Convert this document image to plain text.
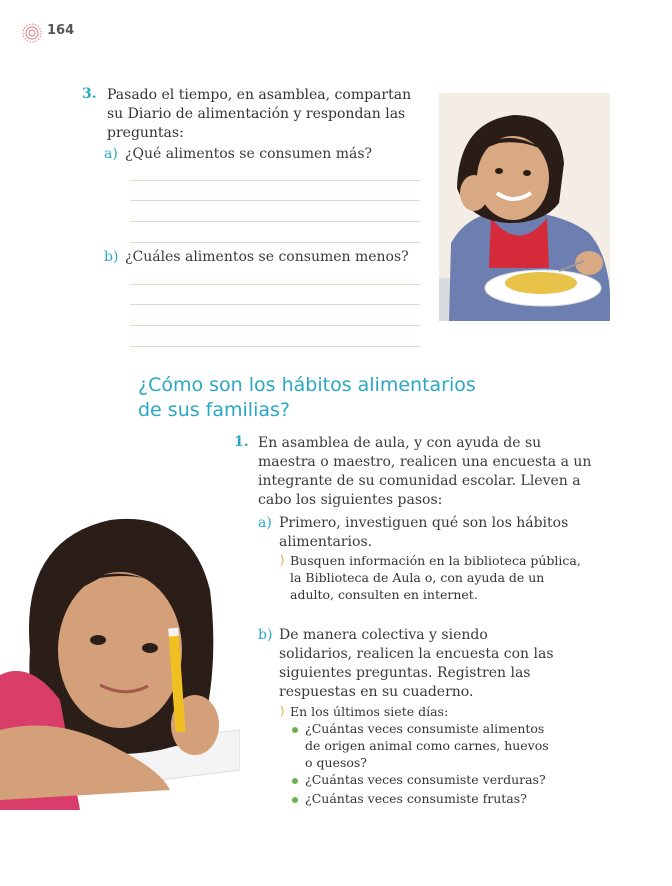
164
3. Pasado el tiempo, en asamblea, compartan su Diario de alimentación y respondan las preguntas:
a) ¿Qué alimentos se consumen más?
b) ¿Cuáles alimentos se consumen menos?
¿Cómo son los hábitos alimentarios de sus familias?
1. En asamblea de aula, y con ayuda de su maestra o maestro, realicen una encuesta a un integrante de su comunidad escolar. Lleven a cabo los siguientes pasos:
a) Primero, investiguen qué son los hábitos alimentarios.
⟩ Busquen información en la biblioteca pública, la Biblioteca de Aula o, con ayuda de un adulto, consulten en internet.
b) De manera colectiva y siendo solidarios, realicen la encuesta con las siguientes preguntas. Registren las respuestas en su cuaderno.
⟩ En los últimos siete días:
¿Cuántas veces consumiste alimentos de origen animal como carnes, huevos o quesos?
¿Cuántas veces consumiste verduras?
¿Cuántas veces consumiste frutas?
